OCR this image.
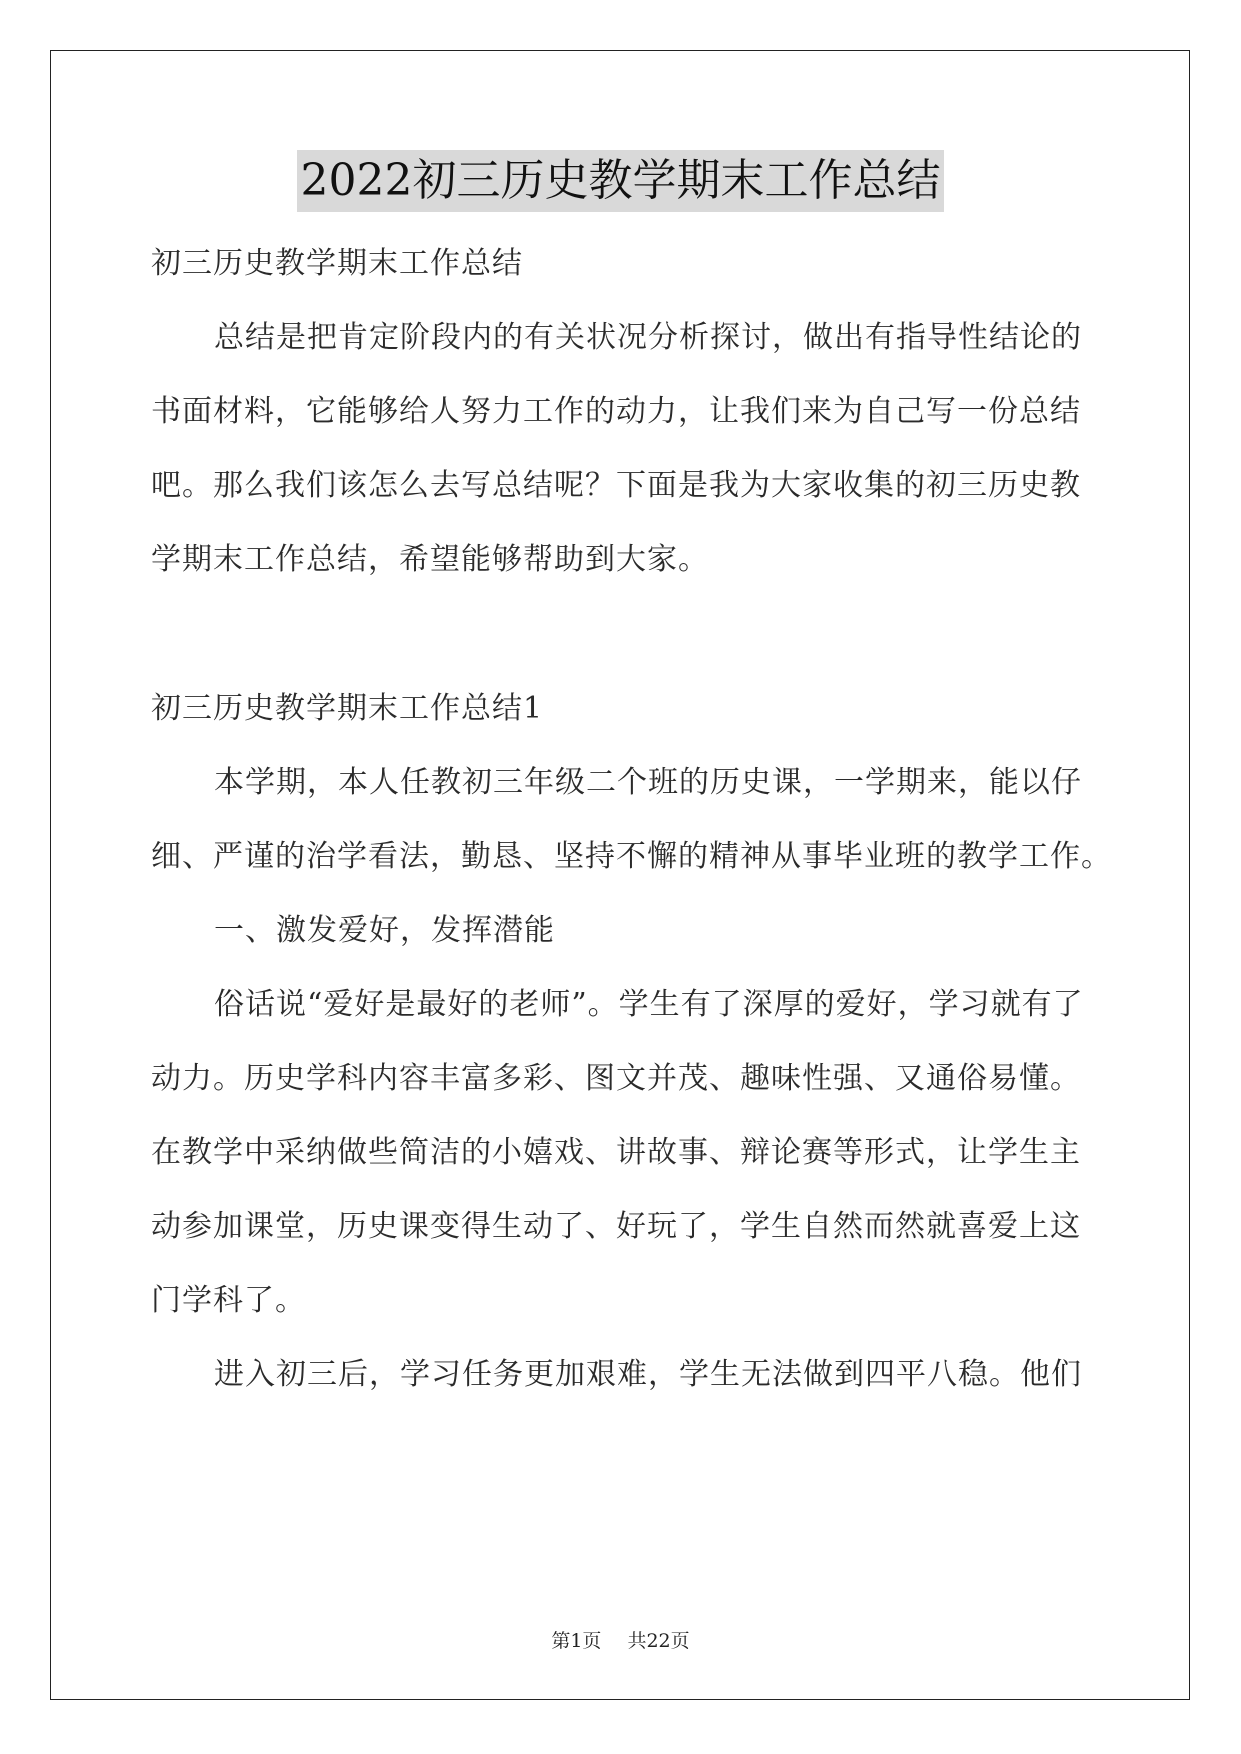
2022初三历史教学期末工作总结
初三历史教学期末工作总结
总结是把肯定阶段内的有关状况分析探讨，做出有指导性结论的
书面材料，它能够给人努力工作的动力，让我们来为自己写一份总结
吧。那么我们该怎么去写总结呢？下面是我为大家收集的初三历史教
学期末工作总结，希望能够帮助到大家。
初三历史教学期末工作总结1
本学期，本人任教初三年级二个班的历史课，一学期来，能以仔
细、严谨的治学看法，勤恳、坚持不懈的精神从事毕业班的教学工作。
一、激发爱好，发挥潜能
俗话说“爱好是最好的老师”。学生有了深厚的爱好，学习就有了
动力。历史学科内容丰富多彩、图文并茂、趣味性强、又通俗易懂。
在教学中采纳做些简洁的小嬉戏、讲故事、辩论赛等形式，让学生主
动参加课堂，历史课变得生动了、好玩了，学生自然而然就喜爱上这
门学科了。
进入初三后，学习任务更加艰难，学生无法做到四平八稳。他们
第1页 共22页
